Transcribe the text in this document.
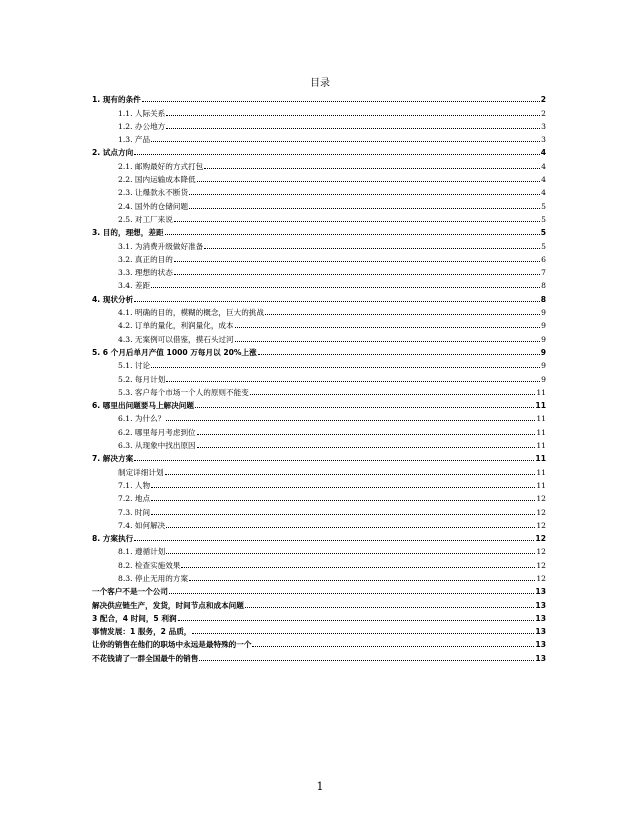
目录
1. 现有的条件	2
1.1. 人际关系	2
1.2. 办公地方	3
1.3. 产品	3
2. 试点方向	4
2.1. 邮购最好的方式打包	4
2.2. 国内运输成本降低	4
2.3. 让爆款永不断货	4
2.4. 国外的仓储问题	5
2.5. 对工厂来说	5
3. 目的，理想，差距	5
3.1. 为消费升级做好准备	5
3.2. 真正的目的	6
3.3. 理想的状态	7
3.4. 差距	8
4. 现状分析	8
4.1. 明确的目的，模糊的概念，巨大的挑战	9
4.2. 订单的量化，利润量化，成本	9
4.3. 无案例可以借鉴，摸石头过河	9
5. 6 个月后单月产值 1000 万每月以 20%上涨	9
5.1. 讨论	9
5.2. 每月计划	9
5.3. 客户每个市场一个人的原则不能变	11
6. 哪里出问题要马上解决问题	11
6.1. 为什么？	11
6.2. 哪里每月考虑到位	11
6.3. 从现象中找出原因	11
7. 解决方案	11
制定详细计划	11
7.1. 人物	11
7.2. 地点	12
7.3. 时间	12
7.4. 如何解决	12
8. 方案执行	12
8.1. 遵循计划	12
8.2. 检查实施效果	12
8.3. 停止无用的方案	12
一个客户不是一个公司	13
解决供应链生产，发货，时间节点和成本问题	13
3 配合，4 时间，5 利润	13
事情发展：1 服务，2 品质，	13
让你的销售在他们的职场中永远是最特殊的一个	13
不花钱请了一群全国最牛的销售	13
1
